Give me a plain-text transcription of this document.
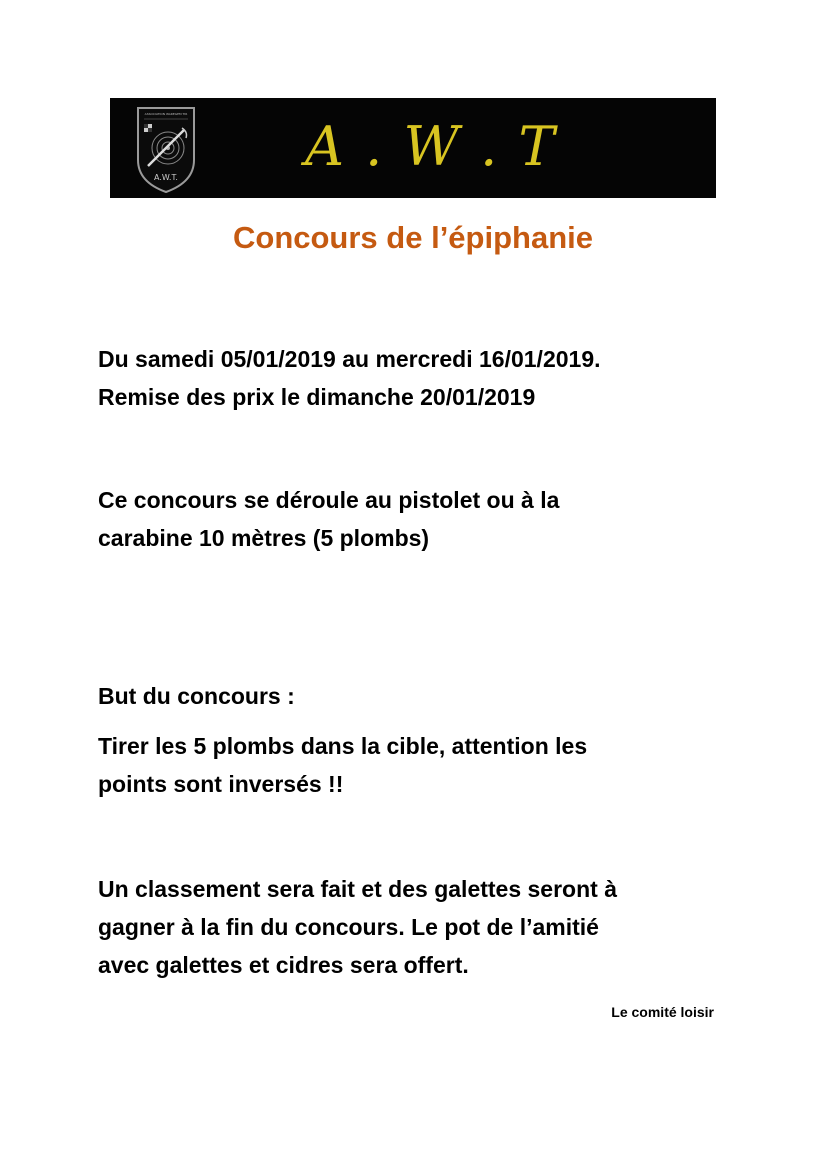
ASSOCIATION WAREGEM TIR
A.W.T. A . W . T
Concours de l’épiphanie
Du samedi 05/01/2019 au mercredi 16/01/2019.
Remise des prix le dimanche 20/01/2019
Ce concours se déroule au pistolet ou à la
carabine 10 mètres (5 plombs)
But du concours :
Tirer les 5 plombs dans la cible, attention les
points sont inversés !!
Un classement sera fait et des galettes seront à
gagner à la fin du concours. Le pot de l’amitié
avec galettes et cidres sera offert.
Le comité loisir
